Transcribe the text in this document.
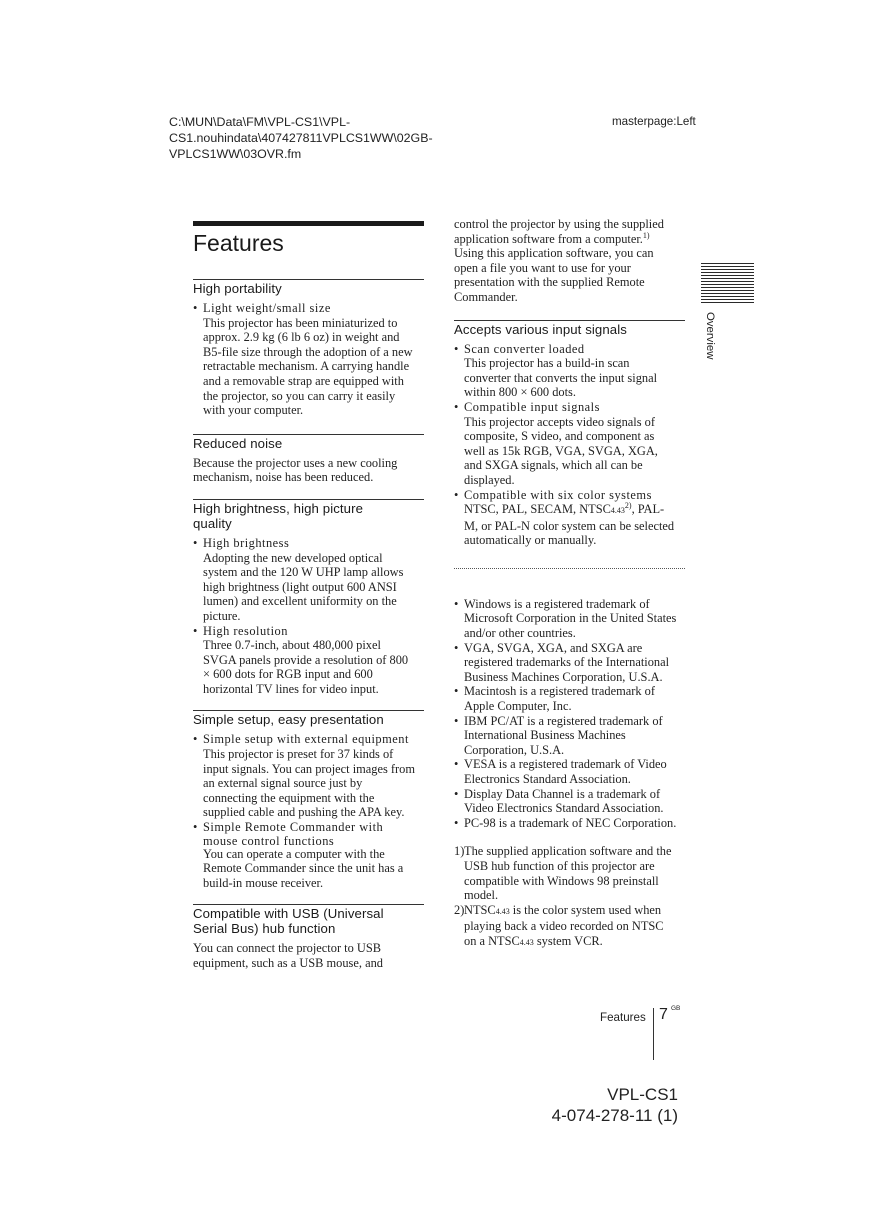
C:\MUN\Data\FM\VPL-CS1\VPL-
CS1.nouhindata\407427811VPLCS1WW\02GB-
VPLCS1WW\03OVR.fm
masterpage:Left
Features
High portability
• Light weight/small size
This projector has been miniaturized to
approx. 2.9 kg (6 lb 6 oz) in weight and
B5-file size through the adoption of a new
retractable mechanism. A carrying handle
and a removable strap are equipped with
the projector, so you can carry it easily
with your computer.
Reduced noise
Because the projector uses a new cooling
mechanism, noise has been reduced.
High brightness, high picture
quality
• High brightness
Adopting the new developed optical
system and the 120 W UHP lamp allows
high brightness (light output 600 ANSI
lumen) and excellent uniformity on the
picture.
• High resolution
Three 0.7-inch, about 480,000 pixel
SVGA panels provide a resolution of 800
× 600 dots for RGB input and 600
horizontal TV lines for video input.
Simple setup, easy presentation
• Simple setup with external equipment
This projector is preset for 37 kinds of
input signals. You can project images from
an external signal source just by
connecting the equipment with the
supplied cable and pushing the APA key.
• Simple Remote Commander with
mouse control functions
You can operate a computer with the
Remote Commander since the unit has a
build-in mouse receiver.
Compatible with USB (Universal
Serial Bus) hub function
You can connect the projector to USB
equipment, such as a USB mouse, and
control the projector by using the supplied
application software from a computer.$^{1)}$
Using this application software, you can
open a file you want to use for your
presentation with the supplied Remote
Commander.
Accepts various input signals
• Scan converter loaded
This projector has a build-in scan
converter that converts the input signal
within 800 × 600 dots.
• Compatible input signals
This projector accepts video signals of
composite, S video, and component as
well as 15k RGB, VGA, SVGA, XGA,
and SXGA signals, which all can be
displayed.
• Compatible with six color systems
NTSC, PAL, SECAM, NTSC4.43$^{2)}$, PAL-
M, or PAL-N color system can be selected
automatically or manually.
• Windows is a registered trademark of
Microsoft Corporation in the United States
and/or other countries.
• VGA, SVGA, XGA, and SXGA are
registered trademarks of the International
Business Machines Corporation, U.S.A.
• Macintosh is a registered trademark of
Apple Computer, Inc.
• IBM PC/AT is a registered trademark of
International Business Machines
Corporation, U.S.A.
• VESA is a registered trademark of Video
Electronics Standard Association.
• Display Data Channel is a trademark of
Video Electronics Standard Association.
• PC-98 is a trademark of NEC Corporation.
1) The supplied application software and the
USB hub function of this projector are
compatible with Windows 98 preinstall
model.
2) NTSC4.43 is the color system used when
playing back a video recorded on NTSC
on a NTSC4.43 system VCR.
Overview
Features 7 GB
VPL-CS1
4-074-278-11 (1)
